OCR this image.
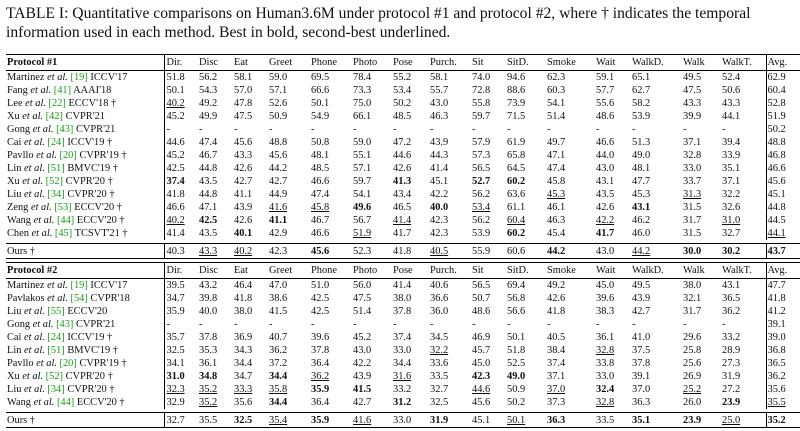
TABLE I: Quantitative comparisons on Human3.6M under protocol #1 and protocol #2, where † indicates the temporal information used in each method. Best in bold, second-best underlined.
Protocol #1	Dir.	Disc	Eat	Greet	Phone	Photo	Pose	Purch.	Sit	SitD.	Smoke	Wait	WalkD.	Walk	WalkT.	Avg.
Martinez et al. [19] ICCV'17	51.8	56.2	58.1	59.0	69.5	78.4	55.2	58.1	74.0	94.6	62.3	59.1	65.1	49.5	52.4	62.9
Fang et al. [41] AAAI'18	50.1	54.3	57.0	57.1	66.6	73.3	53.4	55.7	72.8	88.6	60.3	57.7	62.7	47.5	50.6	60.4
Lee et al. [22] ECCV'18 †	40.2	49.2	47.8	52.6	50.1	75.0	50.2	43.0	55.8	73.9	54.1	55.6	58.2	43.3	43.3	52.8
Xu et al. [42] CVPR'21	45.2	49.9	47.5	50.9	54.9	66.1	48.5	46.3	59.7	71.5	51.4	48.6	53.9	39.9	44.1	51.9
Gong et al. [43] CVPR'21	-	-	-	-	-	-	-	-	-	-	-	-	-	-	-	50.2
Cai et al. [24] ICCV'19 †	44.6	47.4	45.6	48.8	50.8	59.0	47.2	43.9	57.9	61.9	49.7	46.6	51.3	37.1	39.4	48.8
Pavllo et al. [20] CVPR'19 †	45.2	46.7	43.3	45.6	48.1	55.1	44.6	44.3	57.3	65.8	47.1	44.0	49.0	32.8	33.9	46.8
Lin et al. [51] BMVC'19 †	42.5	44.8	42.6	44.2	48.5	57.1	42.6	41.4	56.5	64.5	47.4	43.0	48.1	33.0	35.1	46.6
Xu et al. [52] CVPR'20 †	37.4	43.5	42.7	42.7	46.6	59.7	41.3	45.1	52.7	60.2	45.8	43.1	47.7	33.7	37.1	45.6
Liu et al. [34] CVPR'20 †	41.8	44.8	41.1	44.9	47.4	54.1	43.4	42.2	56.2	63.6	45.3	43.5	45.3	31.3	32.2	45.1
Zeng et al. [53] ECCV'20 †	46.6	47.1	43.9	41.6	45.8	49.6	46.5	40.0	53.4	61.1	46.1	42.6	43.1	31.5	32.6	44.8
Wang et al. [44] ECCV'20 †	40.2	42.5	42.6	41.1	46.7	56.7	41.4	42.3	56.2	60.4	46.3	42.2	46.2	31.7	31.0	44.5
Chen et al. [45] TCSVT'21 †	41.4	43.5	40.1	42.9	46.6	51.9	41.7	42.3	53.9	60.2	45.4	41.7	46.0	31.5	32.7	44.1

Ours †	40.3	43.3	40.2	42.3	45.6	52.3	41.8	40.5	55.9	60.6	44.2	43.0	44.2	30.0	30.2	43.7

Protocol #2	Dir.	Disc	Eat	Greet	Phone	Photo	Pose	Purch.	Sit	SitD.	Smoke	Wait	WalkD.	Walk	WalkT.	Avg.
Martinez et al. [19] ICCV'17	39.5	43.2	46.4	47.0	51.0	56.0	41.4	40.6	56.5	69.4	49.2	45.0	49.5	38.0	43.1	47.7
Pavlakos et al. [54] CVPR'18	34.7	39.8	41.8	38.6	42.5	47.5	38.0	36.6	50.7	56.8	42.6	39.6	43.9	32.1	36.5	41.8
Liu et al. [55] ECCV'20	35.9	40.0	38.0	41.5	42.5	51.4	37.8	36.0	48.6	56.6	41.8	38.3	42.7	31.7	36.2	41.2
Gong et al. [43] CVPR'21	-	-	-	-	-	-	-	-	-	-	-	-	-	-	-	39.1
Cai et al. [24] ICCV'19 †	35.7	37.8	36.9	40.7	39.6	45.2	37.4	34.5	46.9	50.1	40.5	36.1	41.0	29.6	33.2	39.0
Lin et al. [51] BMVC'19 †	32.5	35.3	34.3	36.2	37.8	43.0	33.0	32.2	45.7	51.8	38.4	32.8	37.5	25.8	28.9	36.8
Pavllo et al. [20] CVPR'19 †	34.1	36.1	34.4	37.2	36.4	42.2	34.4	33.6	45.0	52.5	37.4	33.8	37.8	25.6	27.3	36.5
Xu et al. [52] CVPR'20 †	31.0	34.8	34.7	34.4	36.2	43.9	31.6	33.5	42.3	49.0	37.1	33.0	39.1	26.9	31.9	36.2
Liu et al. [34] CVPR'20 †	32.3	35.2	33.3	35.8	35.9	41.5	33.2	32.7	44.6	50.9	37.0	32.4	37.0	25.2	27.2	35.6
Wang et al. [44] ECCV'20 †	32.9	35.2	35.6	34.4	36.4	42.7	31.2	32.5	45.6	50.2	37.3	32.8	36.3	26.0	23.9	35.5

Ours †	32.7	35.5	32.5	35.4	35.9	41.6	33.0	31.9	45.1	50.1	36.3	33.5	35.1	23.9	25.0	35.2
